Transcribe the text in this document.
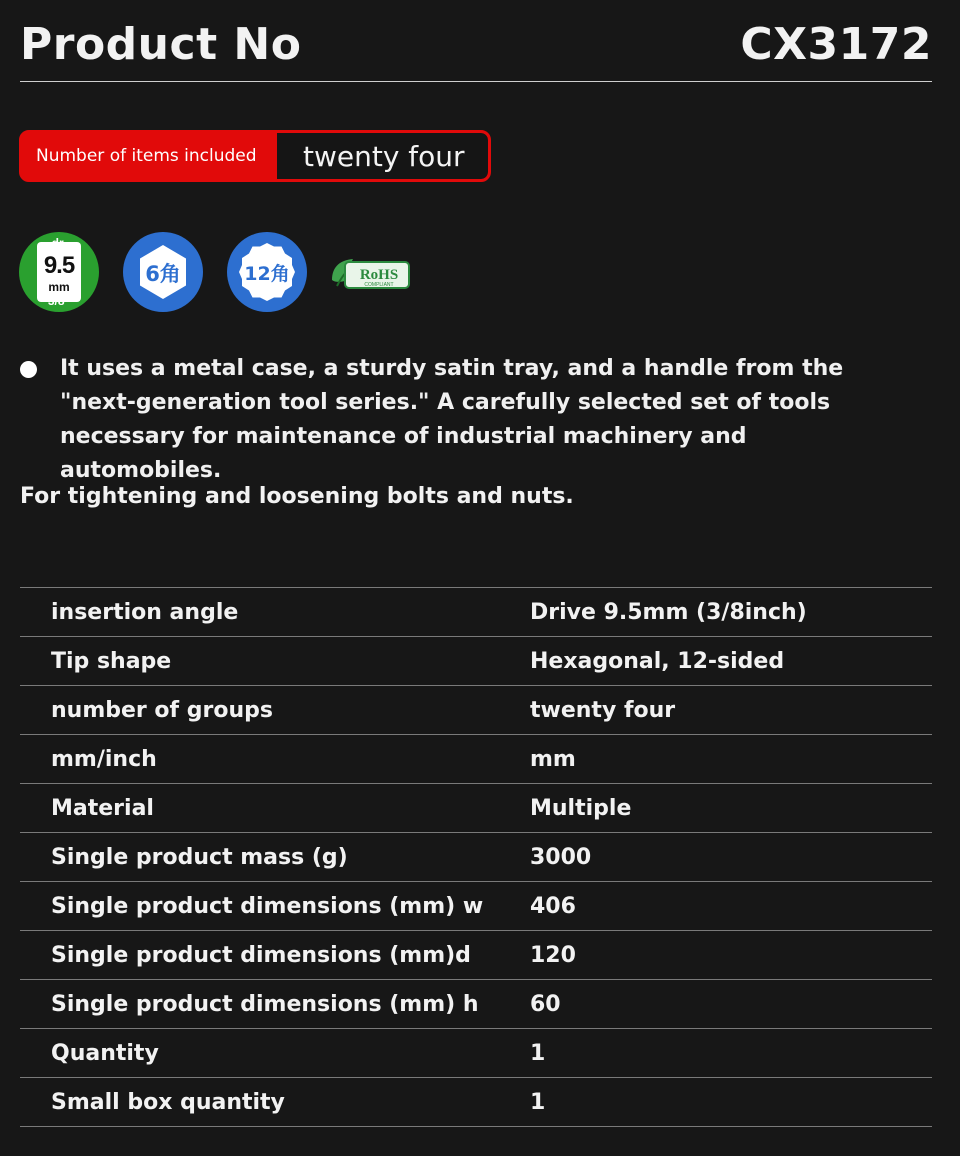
Product No	CX3172
Number of items included	twenty four
dr.
9.5
mm
3/8"
6角	12角	RoHS
COMPLIANT
It uses a metal case, a sturdy satin tray, and a handle from the "next-generation tool series." A carefully selected set of tools necessary for maintenance of industrial machinery and automobiles.
For tightening and loosening bolts and nuts.
insertion angle	Drive 9.5mm (3/8inch)
Tip shape	Hexagonal, 12-sided
number of groups	twenty four
mm/inch	mm
Material	Multiple
Single product mass (g)	3000
Single product dimensions (mm) w	406
Single product dimensions (mm)d	120
Single product dimensions (mm) h	60
Quantity	1
Small box quantity	1
